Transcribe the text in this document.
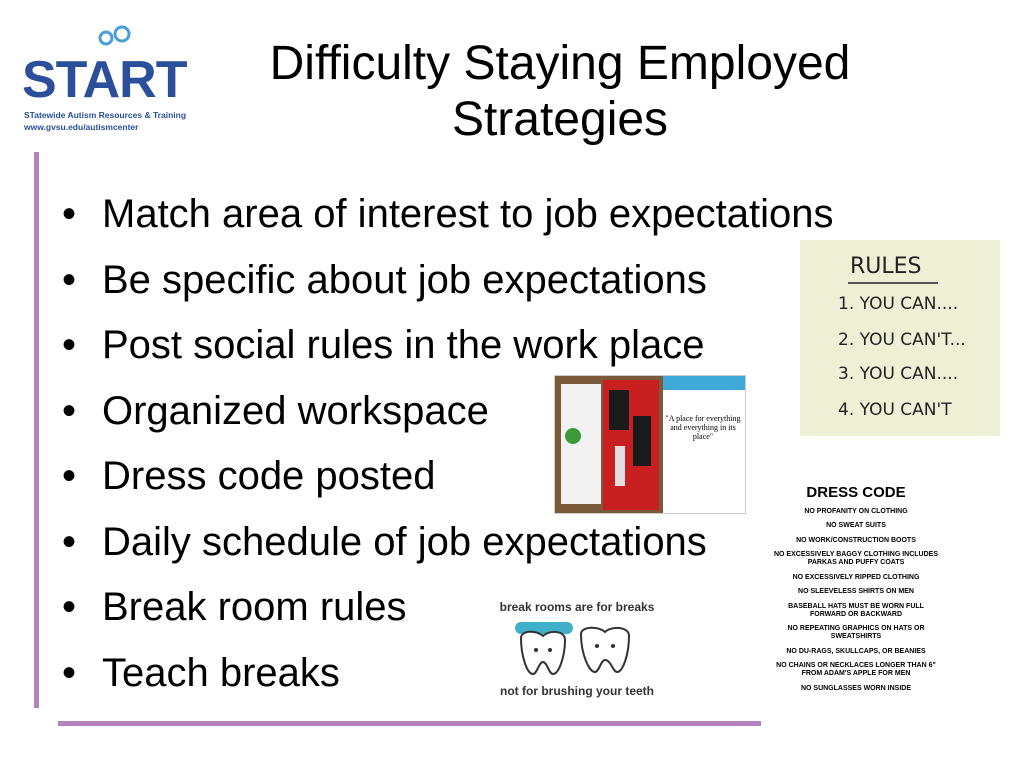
START
STatewide Autism Resources & Training
www.gvsu.edu/autismcenter
Difficulty Staying Employed
Strategies
• Match area of interest to job expectations
• Be specific about job expectations
• Post social rules in the work place
• Organized workspace
• Dress code posted
• Daily schedule of job expectations
• Break room rules
• Teach breaks
RULES
1. YOU CAN....
2. YOU CAN'T...
3. YOU CAN....
4. YOU CAN'T
"A place for everything and everything in its place"
DRESS CODE
NO PROFANITY ON CLOTHING
NO SWEAT SUITS
NO WORK/CONSTRUCTION BOOTS
NO EXCESSIVELY BAGGY CLOTHING INCLUDES PARKAS AND PUFFY COATS
NO EXCESSIVELY RIPPED CLOTHING
NO SLEEVELESS SHIRTS ON MEN
BASEBALL HATS MUST BE WORN FULL FORWARD OR BACKWARD
NO REPEATING GRAPHICS ON HATS OR SWEATSHIRTS
NO DU-RAGS, SKULLCAPS, OR BEANIES
NO CHAINS OR NECKLACES LONGER THAN 6" FROM ADAM'S APPLE FOR MEN
NO SUNGLASSES WORN INSIDE
break rooms are for breaks
not for brushing your teeth
